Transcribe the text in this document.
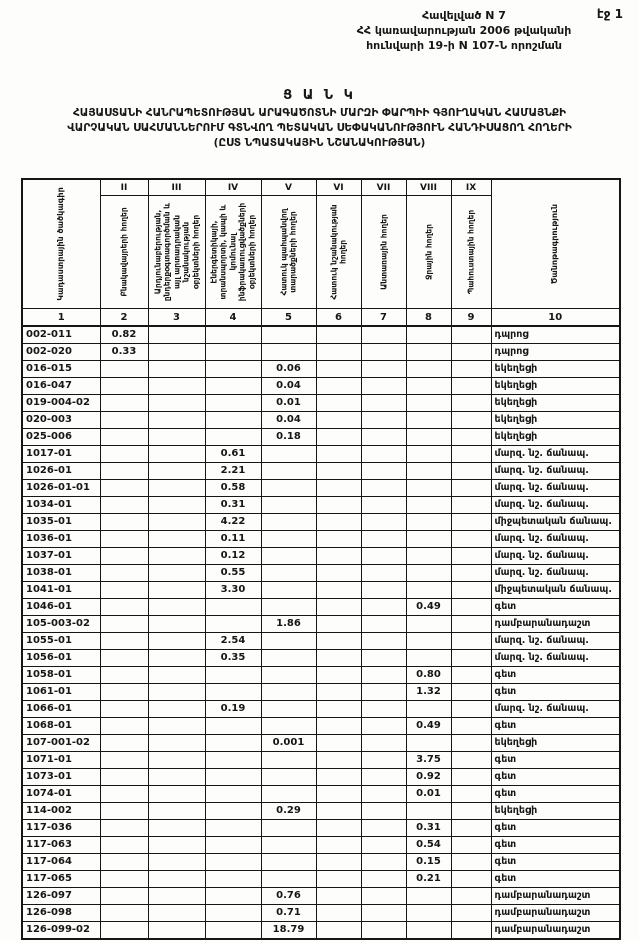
էջ 1
Հավելված N 7
ՀՀ կառավարության 2006 թվականի
հունվարի 19-ի N 107-Ն որոշման
Ց Ա Ն Կ
ՀԱՅԱՍՏԱՆԻ ՀԱՆՐԱՊԵՏՈՒԹՅԱՆ ԱՐԱԳԱԾՈՏՆԻ ՄԱՐԶԻ ՓԱՐՊԻԻ ԳՅՈՒՂԱԿԱՆ ՀԱՄԱՅՆՔԻ
ՎԱՐՉԱԿԱՆ ՍԱՀՄԱՆՆԵՐՈՒՄ ԳՏՆՎՈՂ ՊԵՏԱԿԱՆ ՍԵՓԱԿԱՆՈՒԹՅՈՒՆ ՀԱՆԴԻՍԱՑՈՂ ՀՈՂԵՐԻ
(ԸՍՏ ՆՊԱՏԱԿԱՅԻՆ ՆՇԱՆԱԿՈՒԹՅԱՆ)
Կադաստրային ծածկագիր	II	III	IV	V	VI	VII	VIII	IX	Ծանոթագրություն

	Բնակավայրերի հողեր	Արդյունաբերության, ընդերքօգտագործման և այլ արտադրական նշանակության օբյեկտների հողեր	Էներգետիկայի, տրանսպորտի, կապի և կոմունալ ինֆրակառուցվածքների օբյեկտների հողեր	Հատուկ պահպանվող տարածքների հողեր	Հատուկ նշանակության հողեր	Անտառային հողեր	Ջրային հողեր	Պահուստային հողեր	

1	2	3	4	5	6	7	8	9	10
002-011	0.82								դպրոց
002-020	0.33								դպրոց
016-015				0.06					եկեղեցի
016-047				0.04					եկեղեցի
019-004-02				0.01					եկեղեցի
020-003				0.04					եկեղեցի
025-006				0.18					եկեղեցի
1017-01			0.61						մարզ. նշ. ճանապ.
1026-01			2.21						մարզ. նշ. ճանապ.
1026-01-01			0.58						մարզ. նշ. ճանապ.
1034-01			0.31						մարզ. նշ. ճանապ.
1035-01			4.22						միջպետական ճանապ.
1036-01			0.11						մարզ. նշ. ճանապ.
1037-01			0.12						մարզ. նշ. ճանապ.
1038-01			0.55						մարզ. նշ. ճանապ.
1041-01			3.30						միջպետական ճանապ.
1046-01							0.49		գետ
105-003-02				1.86					դամբարանադաշտ
1055-01			2.54						մարզ. նշ. ճանապ.
1056-01			0.35						մարզ. նշ. ճանապ.
1058-01							0.80		գետ
1061-01							1.32		գետ
1066-01			0.19						մարզ. նշ. ճանապ.
1068-01							0.49		գետ
107-001-02				0.001					եկեղեցի
1071-01							3.75		գետ
1073-01							0.92		գետ
1074-01							0.01		գետ
114-002				0.29					եկեղեցի
117-036							0.31		գետ
117-063							0.54		գետ
117-064							0.15		գետ
117-065							0.21		գետ
126-097				0.76					դամբարանադաշտ
126-098				0.71					դամբարանադաշտ
126-099-02				18.79					դամբարանադաշտ
